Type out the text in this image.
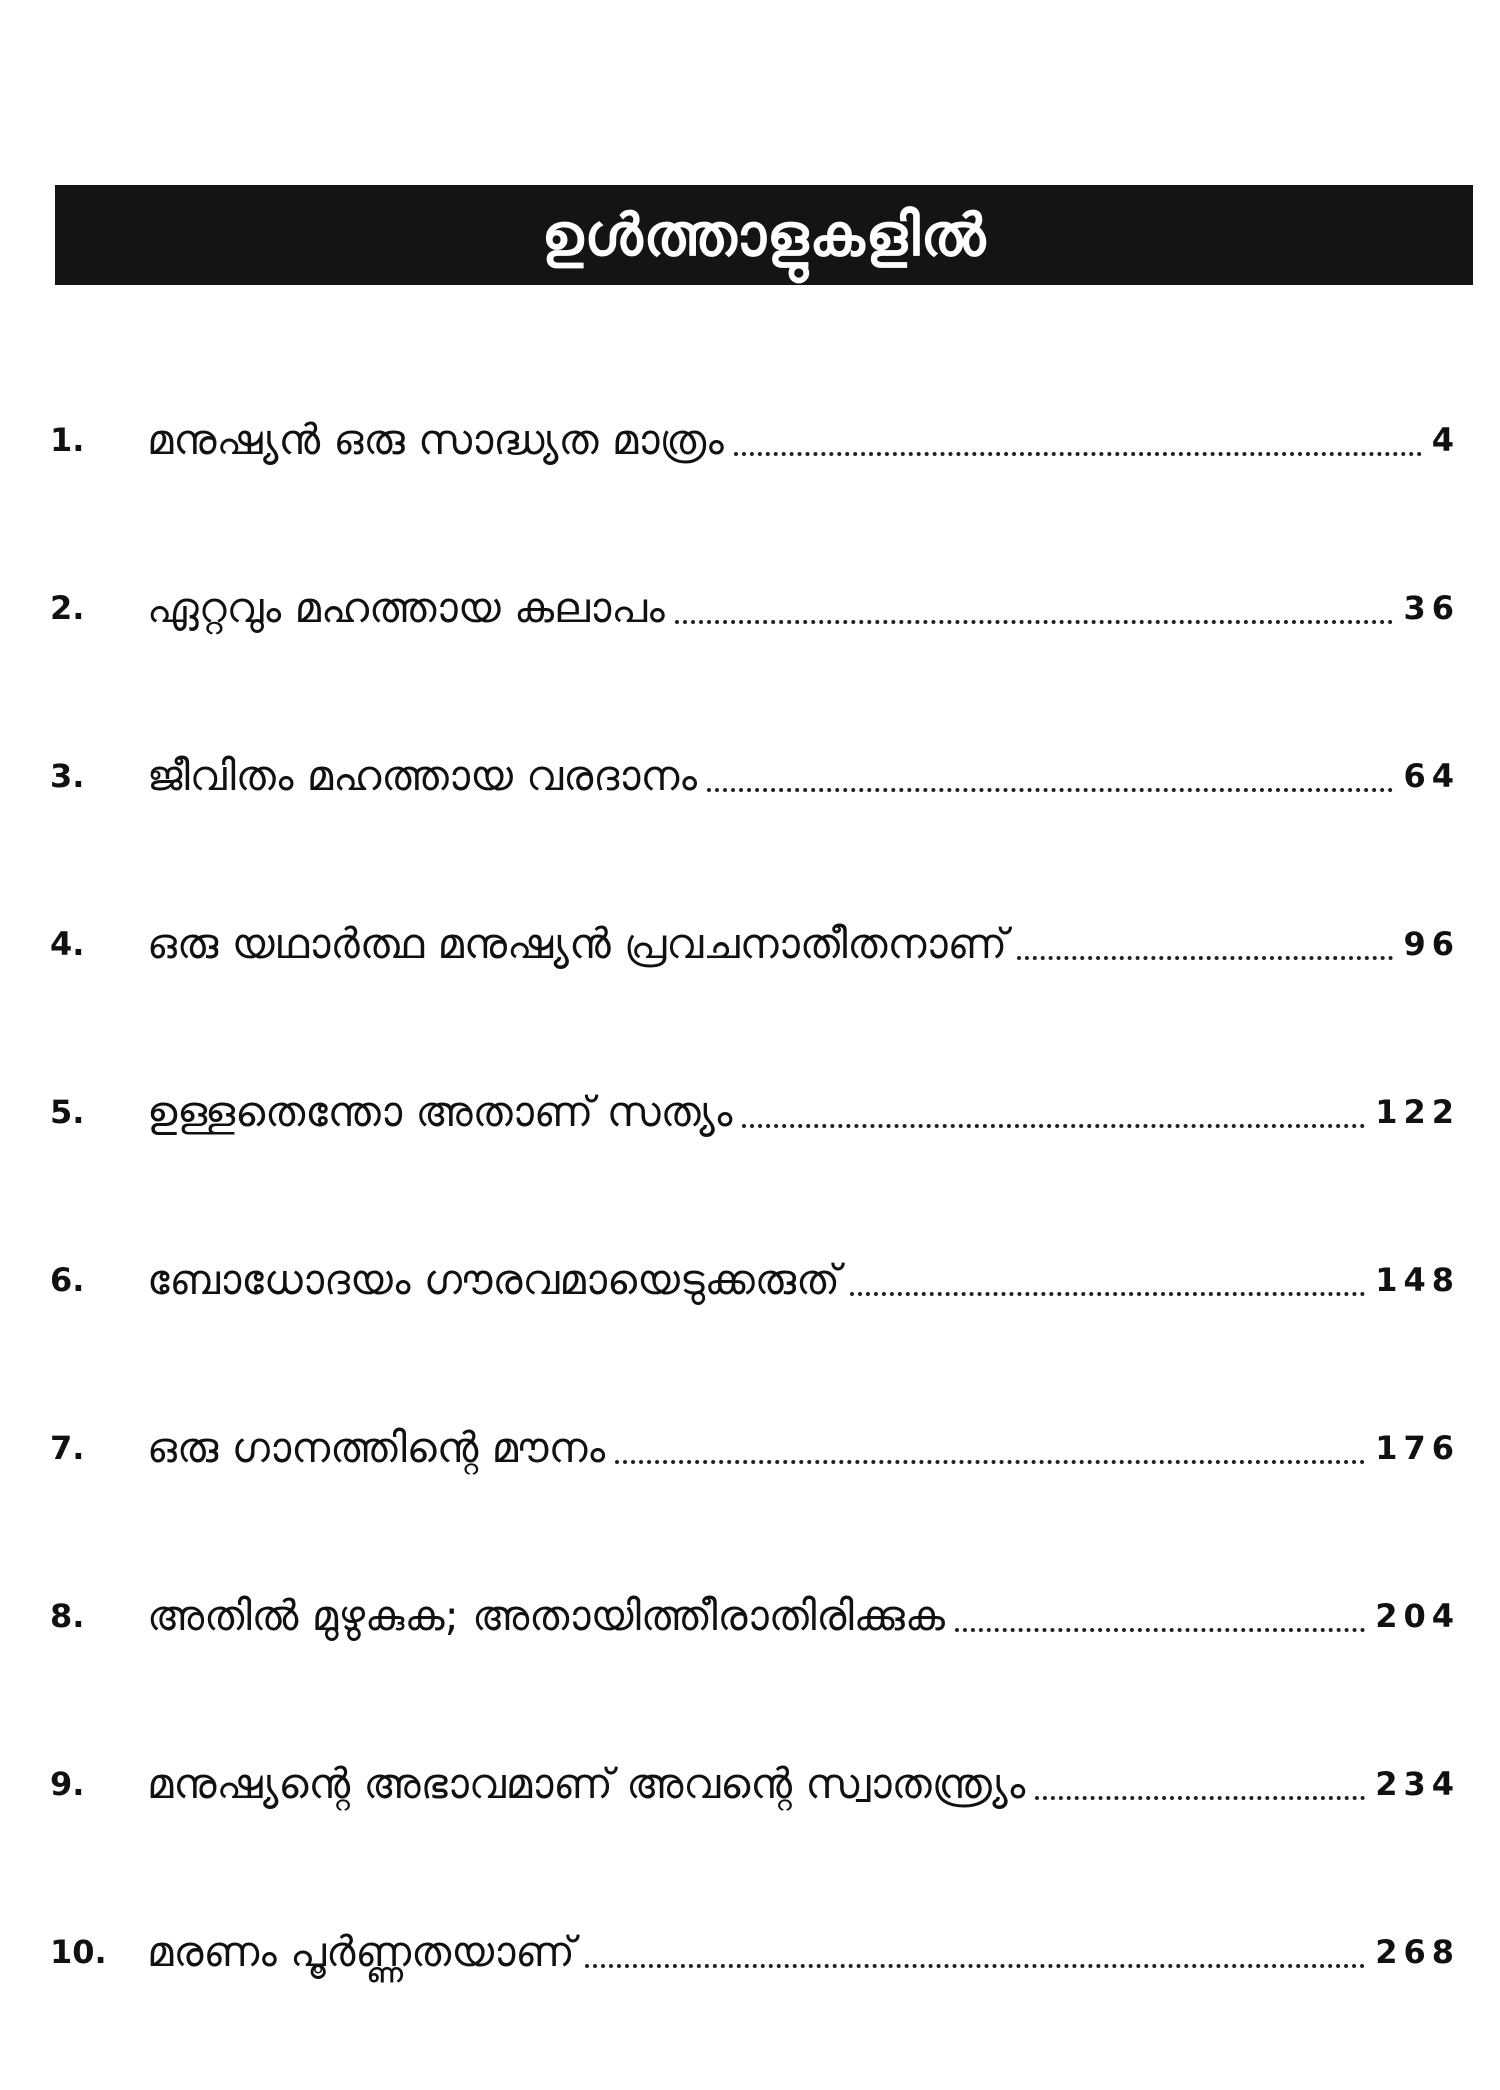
ഉൾത്താളുകളിൽ
1.	മനുഷ്യൻ ഒരു സാദ്ധ്യത മാത്രം	4
2.	ഏറ്റവും മഹത്തായ കലാപം	36
3.	ജീവിതം മഹത്തായ വരദാനം	64
4.	ഒരു യഥാർത്ഥ മനുഷ്യൻ പ്രവചനാതീതനാണ്	96
5.	ഉള്ളതെന്തോ അതാണ് സത്യം	122
6.	ബോധോദയം ഗൗരവമായെടുക്കരുത്	148
7.	ഒരു ഗാനത്തിന്റെ മൗനം	176
8.	അതിൽ മുഴുകുക; അതായിത്തീരാതിരിക്കുക	204
9.	മനുഷ്യന്റെ അഭാവമാണ് അവന്റെ സ്വാതന്ത്ര്യം	234
10. മരണം പൂർണ്ണതയാണ്	268
